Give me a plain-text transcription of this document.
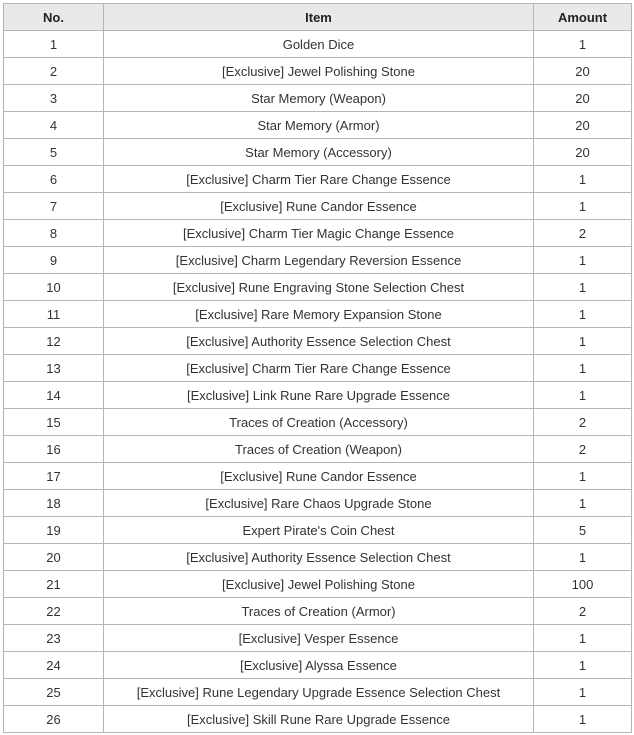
No.	Item	Amount
1	Golden Dice	1
2	[Exclusive] Jewel Polishing Stone	20
3	Star Memory (Weapon)	20
4	Star Memory (Armor)	20
5	Star Memory (Accessory)	20
6	[Exclusive] Charm Tier Rare Change Essence	1
7	[Exclusive] Rune Candor Essence	1
8	[Exclusive] Charm Tier Magic Change Essence	2
9	[Exclusive] Charm Legendary Reversion Essence	1
10	[Exclusive] Rune Engraving Stone Selection Chest	1
11	[Exclusive] Rare Memory Expansion Stone	1
12	[Exclusive] Authority Essence Selection Chest	1
13	[Exclusive] Charm Tier Rare Change Essence	1
14	[Exclusive] Link Rune Rare Upgrade Essence	1
15	Traces of Creation (Accessory)	2
16	Traces of Creation (Weapon)	2
17	[Exclusive] Rune Candor Essence	1
18	[Exclusive] Rare Chaos Upgrade Stone	1
19	Expert Pirate's Coin Chest	5
20	[Exclusive] Authority Essence Selection Chest	1
21	[Exclusive] Jewel Polishing Stone	100
22	Traces of Creation (Armor)	2
23	[Exclusive] Vesper Essence	1
24	[Exclusive] Alyssa Essence	1
25	[Exclusive] Rune Legendary Upgrade Essence Selection Chest	1
26	[Exclusive] Skill Rune Rare Upgrade Essence	1
